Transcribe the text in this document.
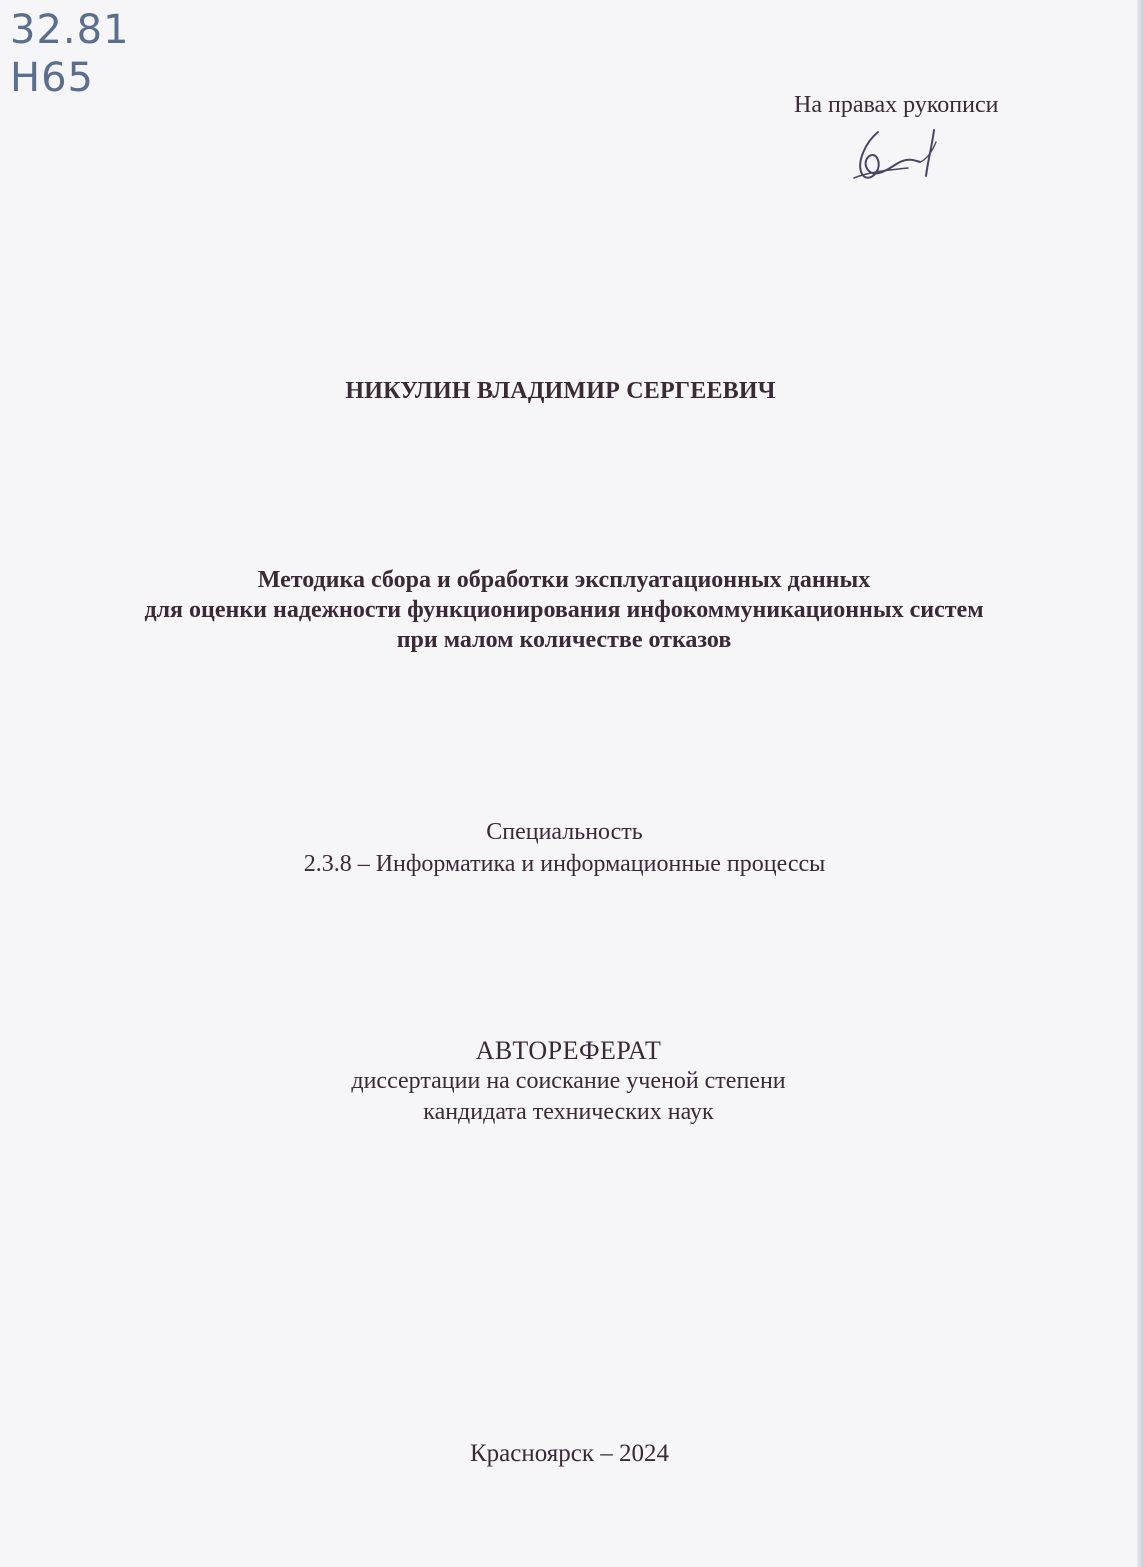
32.81
Н65
На правах рукописи
НИКУЛИН ВЛАДИМИР СЕРГЕЕВИЧ
Методика сбора и обработки эксплуатационных данных
для оценки надежности функционирования инфокоммуникационных систем
при малом количестве отказов
Специальность
2.3.8 – Информатика и информационные процессы
АВТОРЕФЕРАТ
диссертации на соискание ученой степени
кандидата технических наук
Красноярск – 2024
